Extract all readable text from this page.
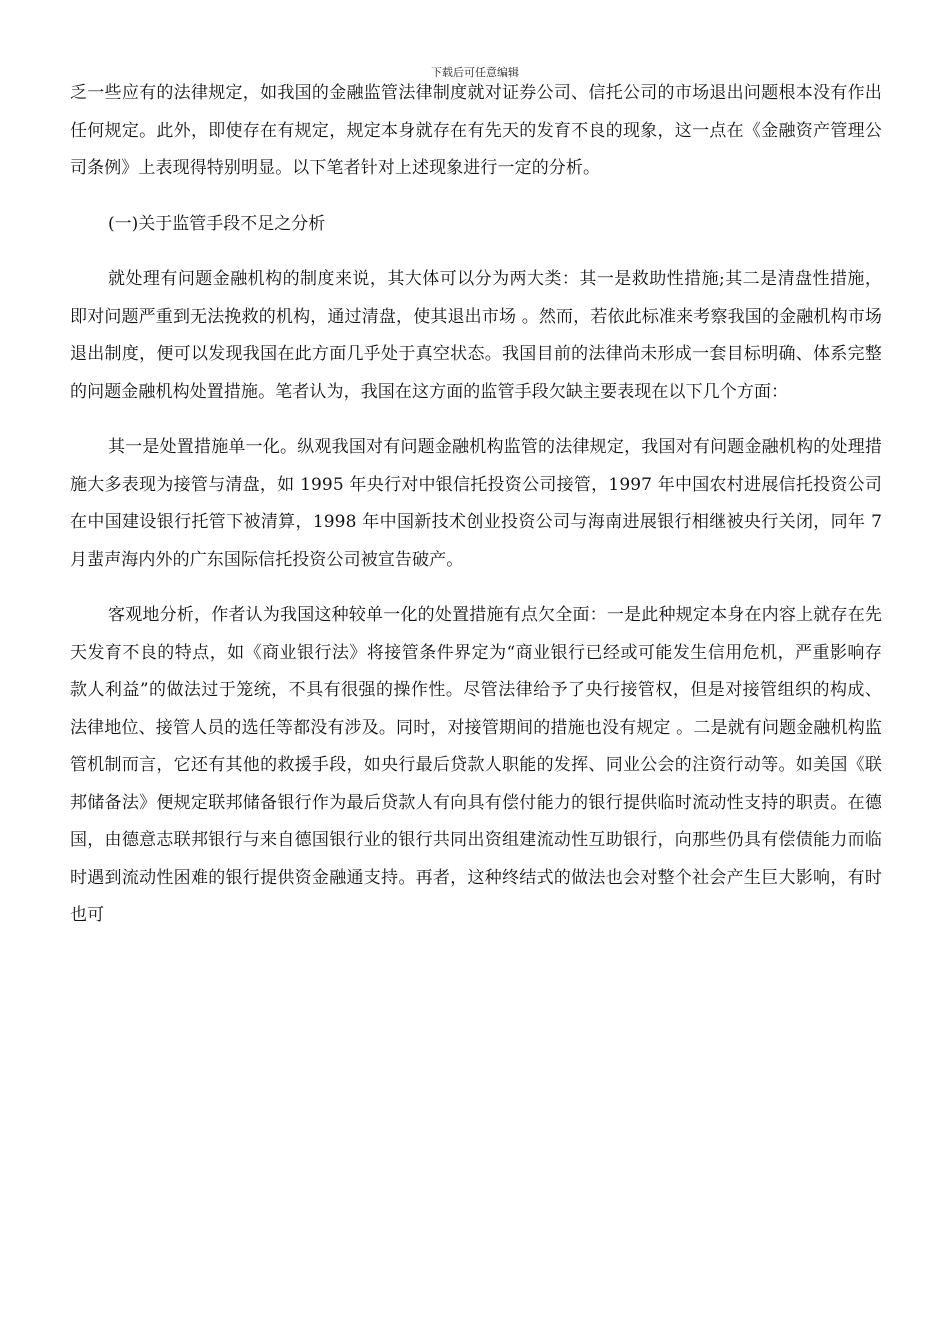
下载后可任意编辑

乏一些应有的法律规定，如我国的金融监管法律制度就对证券公司、信托公司的市场退出问题根本没有作出任何规定。此外，即使存在有规定，规定本身就存在有先天的发育不良的现象，这一点在《金融资产管理公司条例》上表现得特别明显。以下笔者针对上述现象进行一定的分析。

(一)关于监管手段不足之分析

就处理有问题金融机构的制度来说，其大体可以分为两大类：其一是救助性措施;其二是清盘性措施，即对问题严重到无法挽救的机构，通过清盘，使其退出市场 。然而，若依此标准来考察我国的金融机构市场退出制度，便可以发现我国在此方面几乎处于真空状态。我国目前的法律尚未形成一套目标明确、体系完整的问题金融机构处置措施。笔者认为，我国在这方面的监管手段欠缺主要表现在以下几个方面：

其一是处置措施单一化。纵观我国对有问题金融机构监管的法律规定，我国对有问题金融机构的处理措施大多表现为接管与清盘，如 1995 年央行对中银信托投资公司接管，1997 年中国农村进展信托投资公司在中国建设银行托管下被清算，1998 年中国新技术创业投资公司与海南进展银行相继被央行关闭，同年 7 月蜚声海内外的广东国际信托投资公司被宣告破产。

客观地分析，作者认为我国这种较单一化的处置措施有点欠全面：一是此种规定本身在内容上就存在先天发育不良的特点，如《商业银行法》将接管条件界定为“商业银行已经或可能发生信用危机，严重影响存款人利益”的做法过于笼统，不具有很强的操作性。尽管法律给予了央行接管权，但是对接管组织的构成、法律地位、接管人员的选任等都没有涉及。同时，对接管期间的措施也没有规定 。二是就有问题金融机构监管机制而言，它还有其他的救援手段，如央行最后贷款人职能的发挥、同业公会的注资行动等。如美国《联邦储备法》便规定联邦储备银行作为最后贷款人有向具有偿付能力的银行提供临时流动性支持的职责。在德国，由德意志联邦银行与来自德国银行业的银行共同出资组建流动性互助银行，向那些仍具有偿债能力而临时遇到流动性困难的银行提供资金融通支持。再者，这种终结式的做法也会对整个社会产生巨大影响，有时也可
